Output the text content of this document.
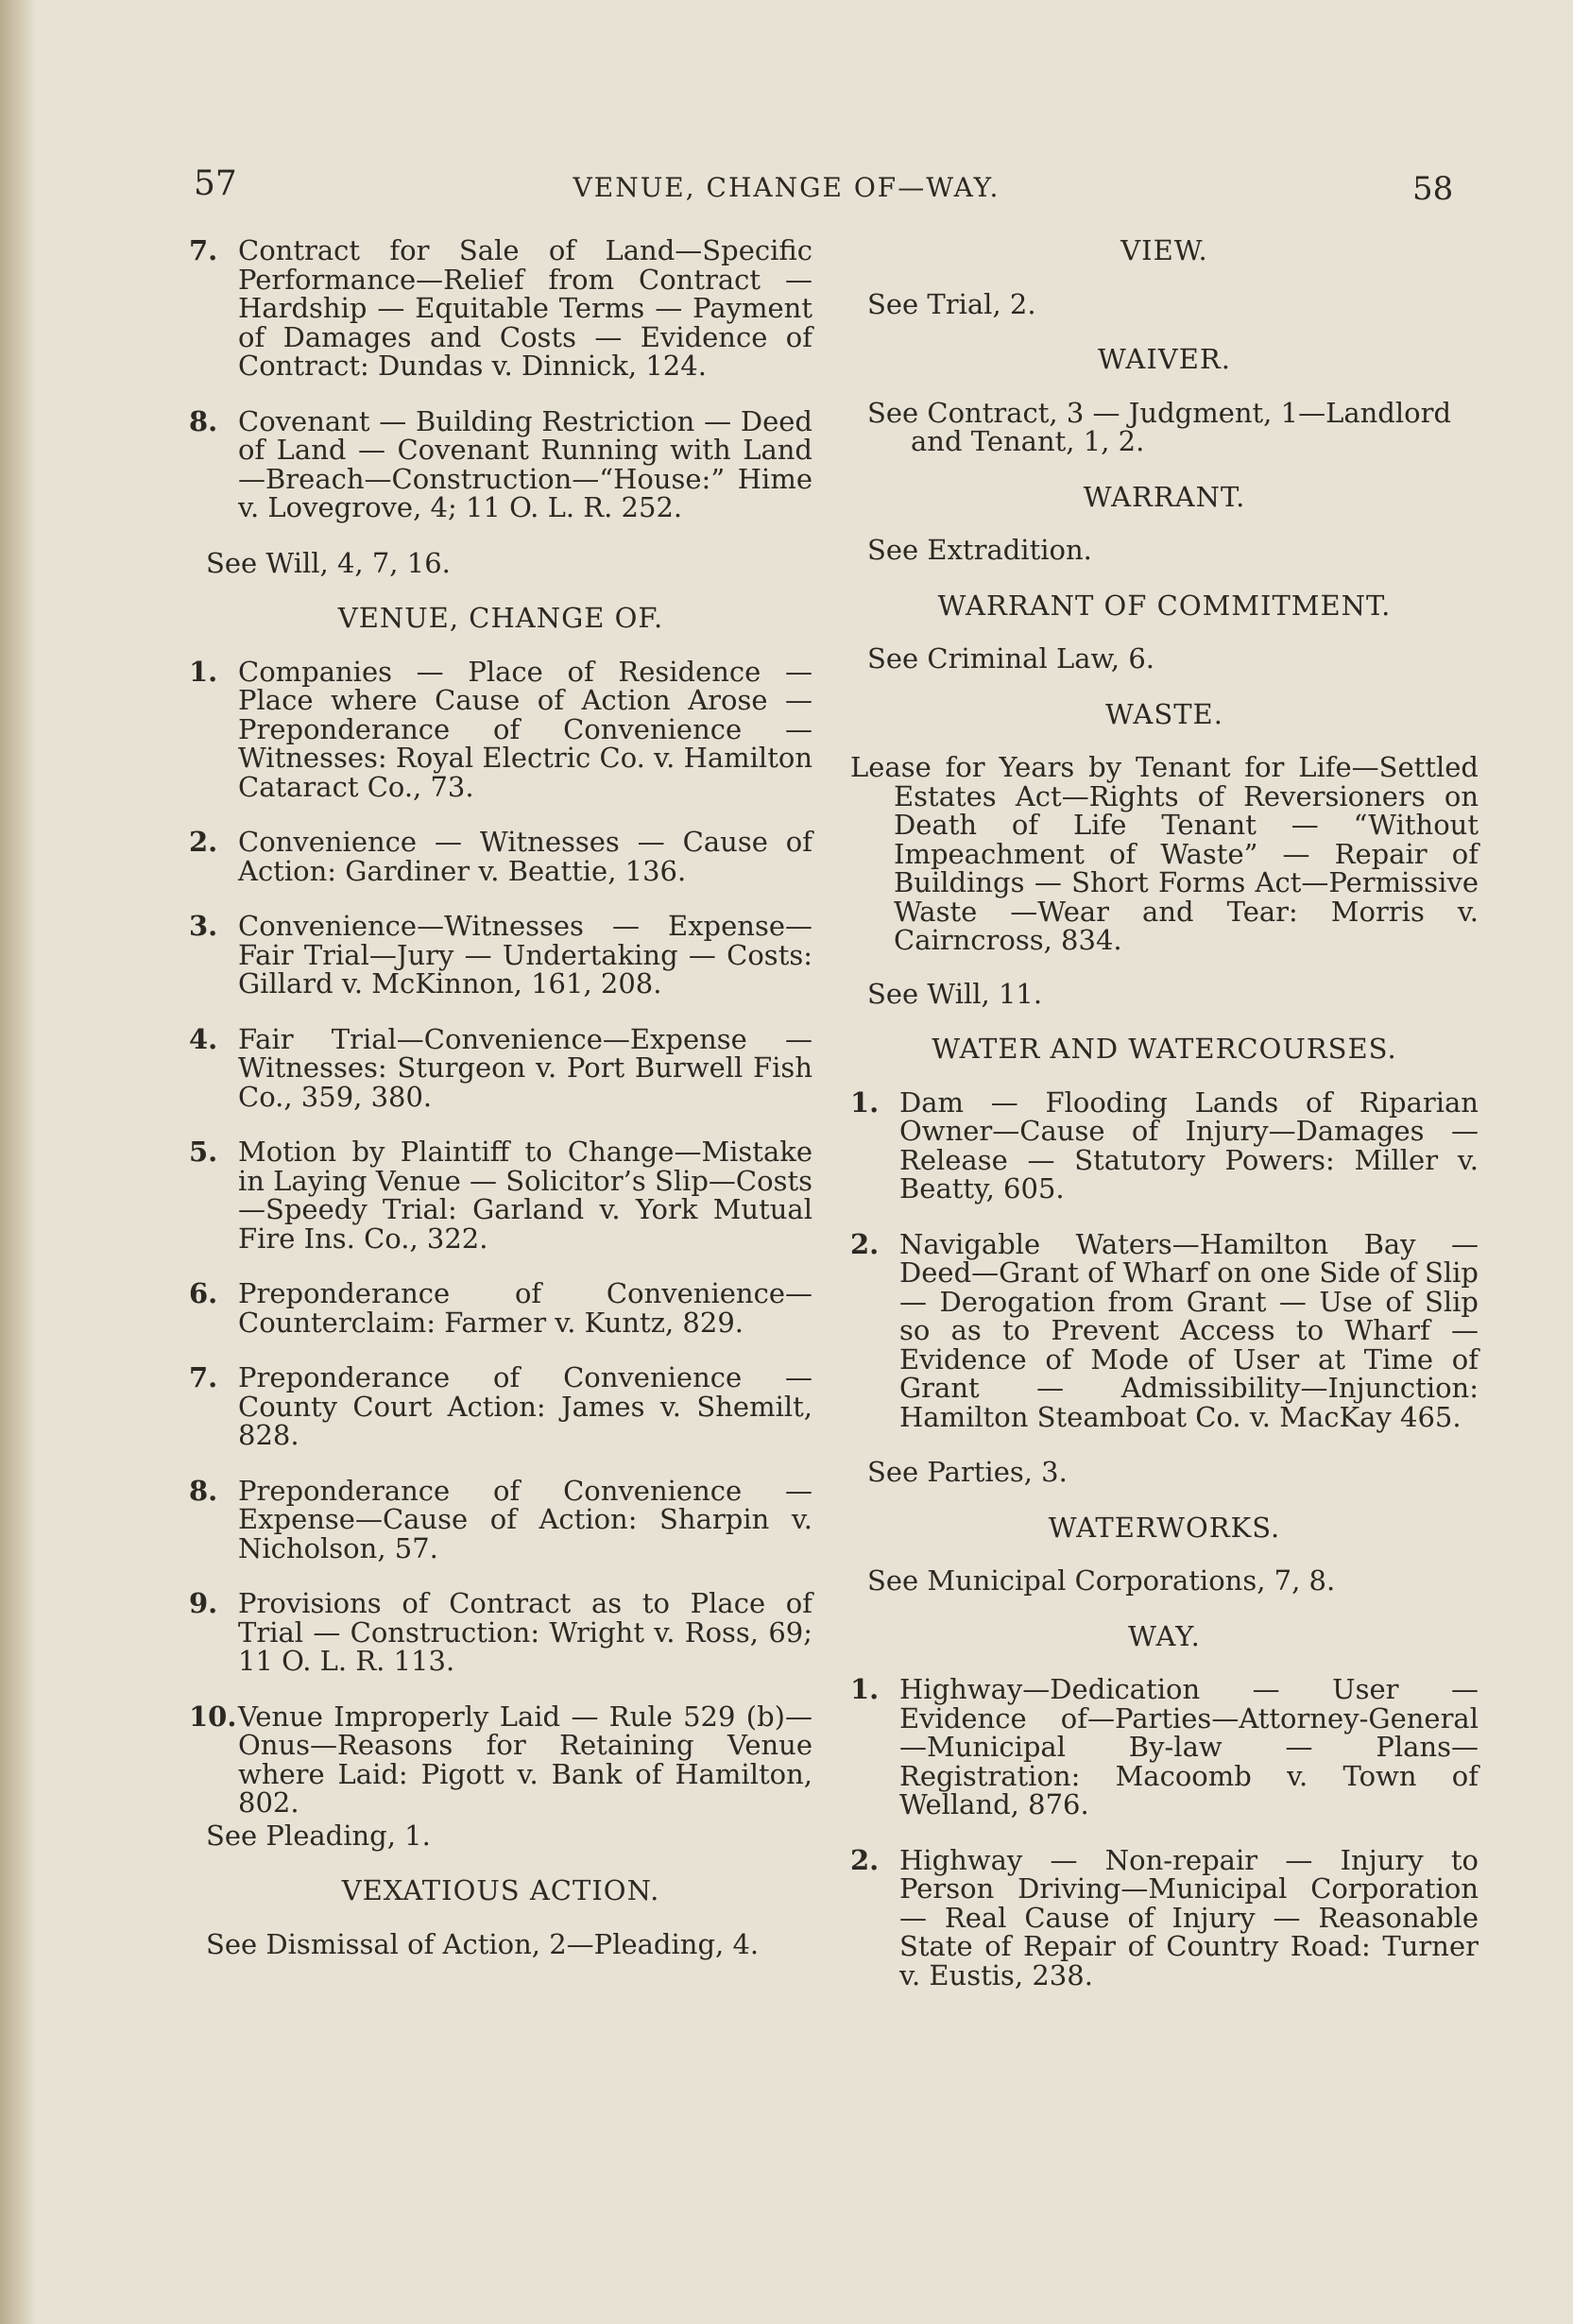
57	VENUE, CHANGE OF—WAY.	58
7. Contract for Sale of Land—Specific Performance—Relief from Contract — Hardship — Equitable Terms — Payment of Damages and Costs — Evidence of Contract: Dundas v. Dinnick, 124.
8. Covenant — Building Restriction — Deed of Land — Covenant Running with Land—Breach—Construction—“House:” Hime v. Lovegrove, 4; 11 O. L. R. 252.
See Will, 4, 7, 16.
VENUE, CHANGE OF.
1. Companies — Place of Residence — Place where Cause of Action Arose — Preponderance of Convenience — Witnesses: Royal Electric Co. v. Hamilton Cataract Co., 73.
2. Convenience — Witnesses — Cause of Action: Gardiner v. Beattie, 136.
3. Convenience—Witnesses — Expense—Fair Trial—Jury — Undertaking — Costs: Gillard v. McKinnon, 161, 208.
4. Fair Trial—Convenience—Expense — Witnesses: Sturgeon v. Port Burwell Fish Co., 359, 380.
5. Motion by Plaintiff to Change—Mistake in Laying Venue — Solicitor’s Slip—Costs—Speedy Trial: Garland v. York Mutual Fire Ins. Co., 322.
6. Preponderance of Convenience—Counterclaim: Farmer v. Kuntz, 829.
7. Preponderance of Convenience — County Court Action: James v. Shemilt, 828.
8. Preponderance of Convenience — Expense—Cause of Action: Sharpin v. Nicholson, 57.
9. Provisions of Contract as to Place of Trial — Construction: Wright v. Ross, 69; 11 O. L. R. 113.
10. Venue Improperly Laid — Rule 529 (b)—Onus—Reasons for Retaining Venue where Laid: Pigott v. Bank of Hamilton, 802.
See Pleading, 1.
VEXATIOUS ACTION.
See Dismissal of Action, 2—Pleading, 4.
VIEW.
See Trial, 2.
WAIVER.
See Contract, 3 — Judgment, 1—Landlord and Tenant, 1, 2.
WARRANT.
See Extradition.
WARRANT OF COMMITMENT.
See Criminal Law, 6.
WASTE.
Lease for Years by Tenant for Life—Settled Estates Act—Rights of Reversioners on Death of Life Tenant — “Without Impeachment of Waste” — Repair of Buildings — Short Forms Act—Permissive Waste —Wear and Tear: Morris v. Cairncross, 834.
See Will, 11.
WATER AND WATERCOURSES.
1. Dam — Flooding Lands of Riparian Owner—Cause of Injury—Damages — Release — Statutory Powers: Miller v. Beatty, 605.
2. Navigable Waters—Hamilton Bay — Deed—Grant of Wharf on one Side of Slip — Derogation from Grant — Use of Slip so as to Prevent Access to Wharf — Evidence of Mode of User at Time of Grant — Admissibility—Injunction: Hamilton Steamboat Co. v. MacKay 465.
See Parties, 3.
WATERWORKS.
See Municipal Corporations, 7, 8.
WAY.
1. Highway—Dedication — User — Evidence of—Parties—Attorney-General —Municipal By-law — Plans—Registration: Macoomb v. Town of Welland, 876.
2. Highway — Non-repair — Injury to Person Driving—Municipal Corporation — Real Cause of Injury — Reasonable State of Repair of Country Road: Turner v. Eustis, 238.
